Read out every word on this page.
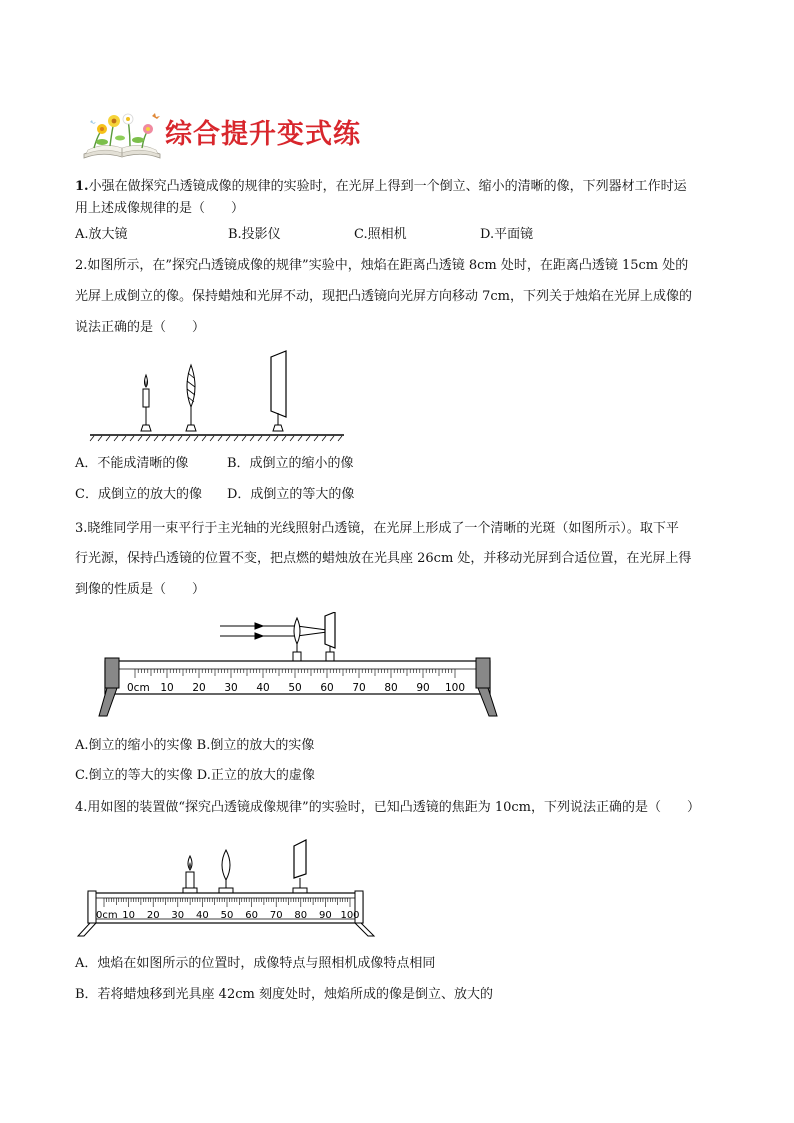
综合提升变式练
1.小强在做探究凸透镜成像的规律的实验时，在光屏上得到一个倒立、缩小的清晰的像，下列器材工作时运
用上述成像规律的是（　　）
A.放大镜	B.投影仪	C.照相机	D.平面镜
2.如图所示，在”探究凸透镜成像的规律”实验中，烛焰在距离凸透镜 8cm 处时，在距离凸透镜 15cm 处的
光屏上成倒立的像。保持蜡烛和光屏不动，现把凸透镜向光屏方向移动 7cm，下列关于烛焰在光屏上成像的
说法正确的是（　　）
A．不能成清晰的像	B．成倒立的缩小的像
C．成倒立的放大的像 D．成倒立的等大的像
3.晓维同学用一束平行于主光轴的光线照射凸透镜，在光屏上形成了一个清晰的光斑（如图所示）。取下平
行光源，保持凸透镜的位置不变，把点燃的蜡烛放在光具座 26cm 处，并移动光屏到合适位置，在光屏上得
到像的性质是（　　）
0cm 10 20 30 40 50 60 70 80 90 100
A.倒立的缩小的实像 B.倒立的放大的实像
C.倒立的等大的实像 D.正立的放大的虚像
4.用如图的装置做“探究凸透镜成像规律”的实验时，已知凸透镜的焦距为 10cm，下列说法正确的是（　　）
0cm 10 20 30 40 50 60 70 80 90 100
A．烛焰在如图所示的位置时，成像特点与照相机成像特点相同
B．若将蜡烛移到光具座 42cm 刻度处时，烛焰所成的像是倒立、放大的
